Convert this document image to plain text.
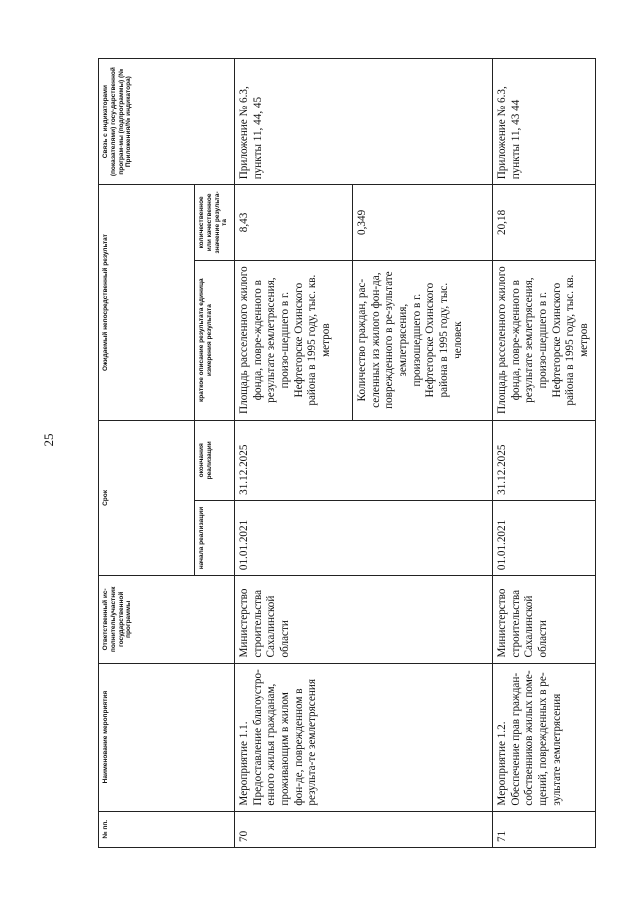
25
№ пп.	Наименование мероприятия	Ответственный ис-полнитель/участник государственной программы	Срок		Ожидаемый непосредственный результат		Связь с индикаторами (показателями) госу-дарственной програм-мы (подпрограммы) (№ Приложения/№ индикатора)
			начала реализации	окончания реализации	краткое описание результата единица измерения результата	количественное или качественное значение результа-та	
70	Мероприятие 1.1. Предоставление благоустро-енного жилья гражданам, проживающим в жилом фон-де, поврежденном в результа-те землетрясения	Министерство строительства Сахалинской области	01.01.2021	31.12.2025	Площадь расселенного жилого фонда, повре-жденного в результате землетрясения, произо-шедшего в г. Нефтегорске Охинского района в 1995 году, тыс. кв. метров	8,43	Приложение № 6.3, пункты 11, 44, 45
					Количество граждан, рас-селенных из жилого фон-да, поврежденного в ре-зультате землетрясения, произошедшего в г. Нефтегорске Охинского района в 1995 году, тыс. человек	0,349	
71	Мероприятие 1.2. Обеспечение прав граждан-собственников жилых поме-щений, поврежденных в ре-зультате землетрясения	Министерство строительства Сахалинской области	01.01.2021	31.12.2025	Площадь расселенного жилого фонда, повре-жденного в результате землетрясения, произо-шедшего в г. Нефтегорске Охинского района в 1995 году, тыс. кв. метров	20,18	Приложение № 6.3, пункты 11, 43 44
